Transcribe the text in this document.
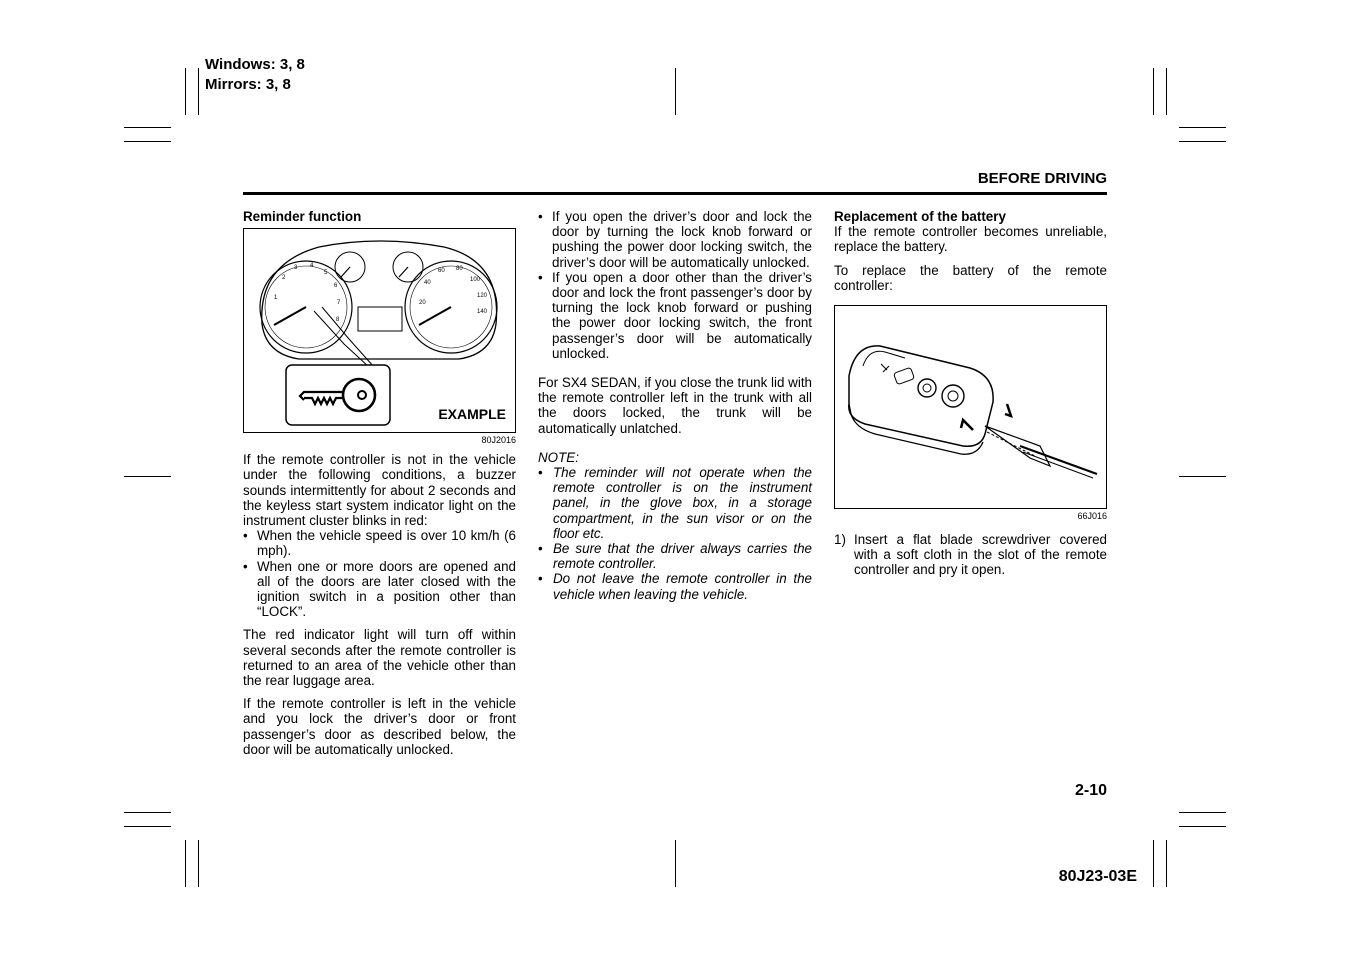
Windows: 3, 8
Mirrors: 3, 8
BEFORE DRIVING

Reminder function

1
2
3 4
5
6
7
8
20
40
60 80
100
120
140
EXAMPLE
80J2016

If the remote controller is not in the vehicle under the following conditions, a buzzer sounds intermittently for about 2 seconds and the keyless start system indicator light on the instrument cluster blinks in red:

• When the vehicle speed is over 10 km/h (6 mph).
• When one or more doors are opened and all of the doors are later closed with the ignition switch in a position other than “LOCK”.

The red indicator light will turn off within several seconds after the remote controller is returned to an area of the vehicle other than the rear luggage area.

If the remote controller is left in the vehicle and you lock the driver’s door or front passenger’s door as described below, the door will be automatically unlocked.

• If you open the driver’s door and lock the door by turning the lock knob forward or pushing the power door locking switch, the driver’s door will be automatically unlocked.
• If you open a door other than the driver’s door and lock the front passenger’s door by turning the lock knob forward or pushing the power door locking switch, the front passenger’s door will be automatically unlocked.

For SX4 SEDAN, if you close the trunk lid with the remote controller left in the trunk with all the doors locked, the trunk will be automatically unlatched.

NOTE:

• The reminder will not operate when the remote controller is on the instrument panel, in the glove box, in a storage compartment, in the sun visor or on the floor etc.
• Be sure that the driver always carries the remote controller.
• Do not leave the remote controller in the vehicle when leaving the vehicle.

Replacement of the battery

If the remote controller becomes unreliable, replace the battery.

To replace the battery of the remote controller:

66J016
1) Insert a flat blade screwdriver covered with a soft cloth in the slot of the remote controller and pry it open.
2-10
80J23-03E
